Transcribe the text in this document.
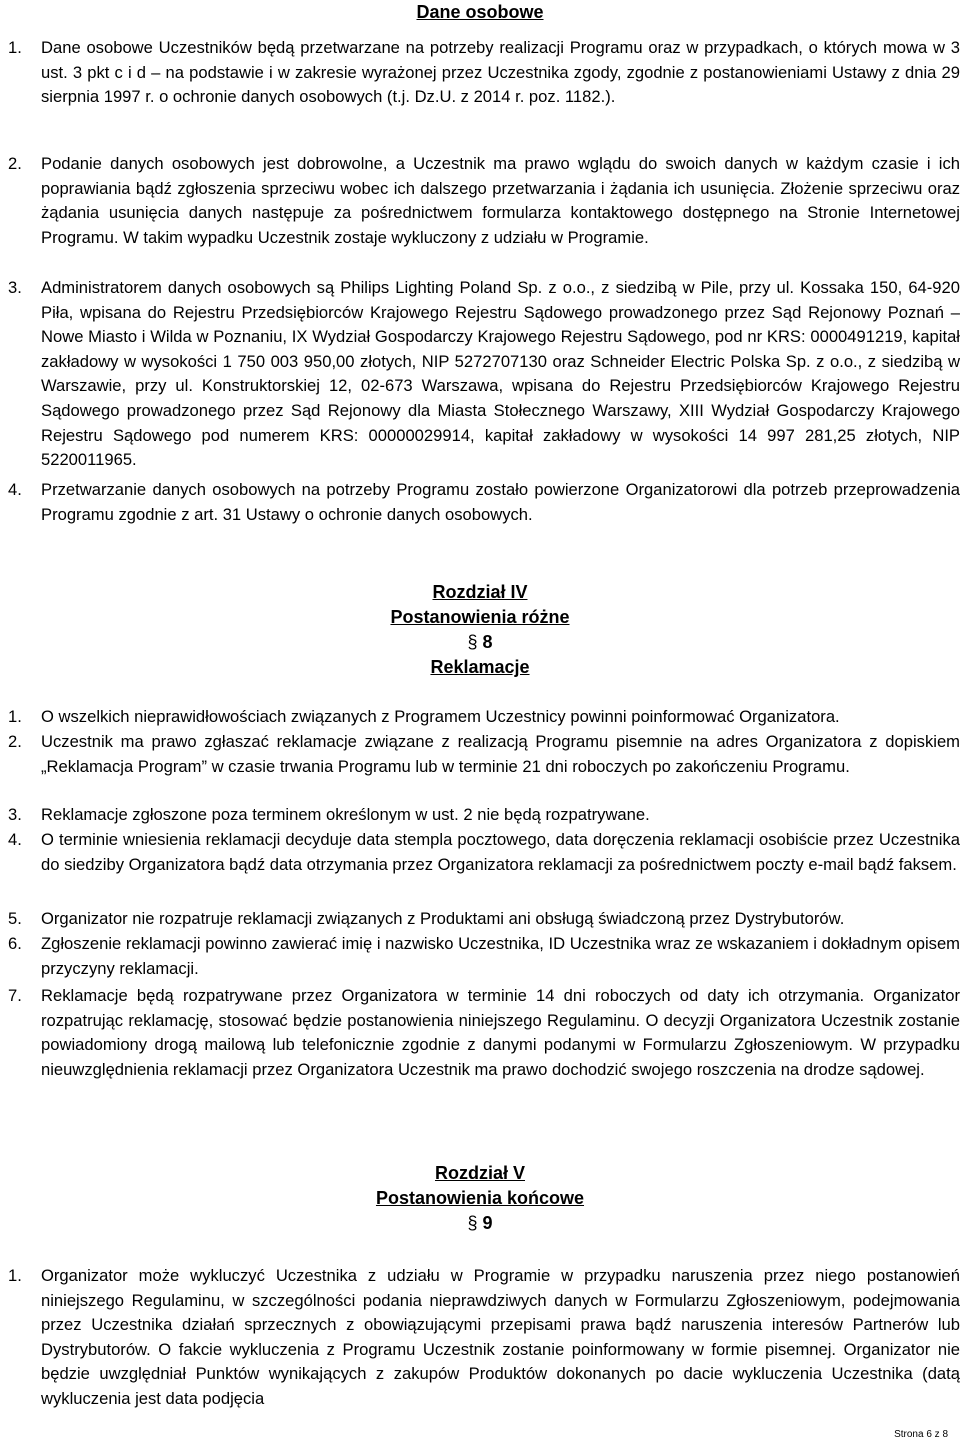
Dane osobowe
1. Dane osobowe Uczestników będą przetwarzane na potrzeby realizacji Programu oraz w przypadkach, o których mowa w 3 ust. 3 pkt c i d – na podstawie i w zakresie wyrażonej przez Uczestnika zgody, zgodnie z postanowieniami Ustawy z dnia 29 sierpnia 1997 r. o ochronie danych osobowych (t.j. Dz.U. z 2014 r. poz. 1182.).
2. Podanie danych osobowych jest dobrowolne, a Uczestnik ma prawo wglądu do swoich danych w każdym czasie i ich poprawiania bądź zgłoszenia sprzeciwu wobec ich dalszego przetwarzania i żądania ich usunięcia. Złożenie sprzeciwu oraz żądania usunięcia danych następuje za pośrednictwem formularza kontaktowego dostępnego na Stronie Internetowej Programu. W takim wypadku Uczestnik zostaje wykluczony z udziału w Programie.
3. Administratorem danych osobowych są Philips Lighting Poland Sp. z o.o., z siedzibą w Pile, przy ul. Kossaka 150, 64-920 Piła, wpisana do Rejestru Przedsiębiorców Krajowego Rejestru Sądowego prowadzonego przez Sąd Rejonowy Poznań – Nowe Miasto i Wilda w Poznaniu, IX Wydział Gospodarczy Krajowego Rejestru Sądowego, pod nr KRS: 0000491219, kapitał zakładowy w wysokości 1 750 003 950,00 złotych, NIP 5272707130 oraz Schneider Electric Polska Sp. z o.o., z siedzibą w Warszawie, przy ul. Konstruktorskiej 12, 02-673 Warszawa, wpisana do Rejestru Przedsiębiorców Krajowego Rejestru Sądowego prowadzonego przez Sąd Rejonowy dla Miasta Stołecznego Warszawy, XIII Wydział Gospodarczy Krajowego Rejestru Sądowego pod numerem KRS: 00000029914, kapitał zakładowy w wysokości 14 997 281,25 złotych, NIP 5220011965.
4. Przetwarzanie danych osobowych na potrzeby Programu zostało powierzone Organizatorowi dla potrzeb przeprowadzenia Programu zgodnie z art. 31 Ustawy o ochronie danych osobowych.
Rozdział IV
Postanowienia różne
§ 8
Reklamacje
1. O wszelkich nieprawidłowościach związanych z Programem Uczestnicy powinni poinformować Organizatora.
2. Uczestnik ma prawo zgłaszać reklamacje związane z realizacją Programu pisemnie na adres Organizatora z dopiskiem „Reklamacja Program” w czasie trwania Programu lub w terminie 21 dni roboczych po zakończeniu Programu.
3. Reklamacje zgłoszone poza terminem określonym w ust. 2 nie będą rozpatrywane.
4. O terminie wniesienia reklamacji decyduje data stempla pocztowego, data doręczenia reklamacji osobiście przez Uczestnika do siedziby Organizatora bądź data otrzymania przez Organizatora reklamacji za pośrednictwem poczty e-mail bądź faksem.
5. Organizator nie rozpatruje reklamacji związanych z Produktami ani obsługą świadczoną przez Dystrybutorów.
6. Zgłoszenie reklamacji powinno zawierać imię i nazwisko Uczestnika, ID Uczestnika wraz ze wskazaniem i dokładnym opisem przyczyny reklamacji.
7. Reklamacje będą rozpatrywane przez Organizatora w terminie 14 dni roboczych od daty ich otrzymania. Organizator rozpatrując reklamację, stosować będzie postanowienia niniejszego Regulaminu. O decyzji Organizatora Uczestnik zostanie powiadomiony drogą mailową lub telefonicznie zgodnie z danymi podanymi w Formularzu Zgłoszeniowym. W przypadku nieuwzględnienia reklamacji przez Organizatora Uczestnik ma prawo dochodzić swojego roszczenia na drodze sądowej.
Rozdział V
Postanowienia końcowe
§ 9
1. Organizator może wykluczyć Uczestnika z udziału w Programie w przypadku naruszenia przez niego postanowień niniejszego Regulaminu, w szczególności podania nieprawdziwych danych w Formularzu Zgłoszeniowym, podejmowania przez Uczestnika działań sprzecznych z obowiązującymi przepisami prawa bądź naruszenia interesów Partnerów lub Dystrybutorów. O fakcie wykluczenia z Programu Uczestnik zostanie poinformowany w formie pisemnej. Organizator nie będzie uwzględniał Punktów wynikających z zakupów Produktów dokonanych po dacie wykluczenia Uczestnika (datą wykluczenia jest data podjęcia
Strona 6 z 8
